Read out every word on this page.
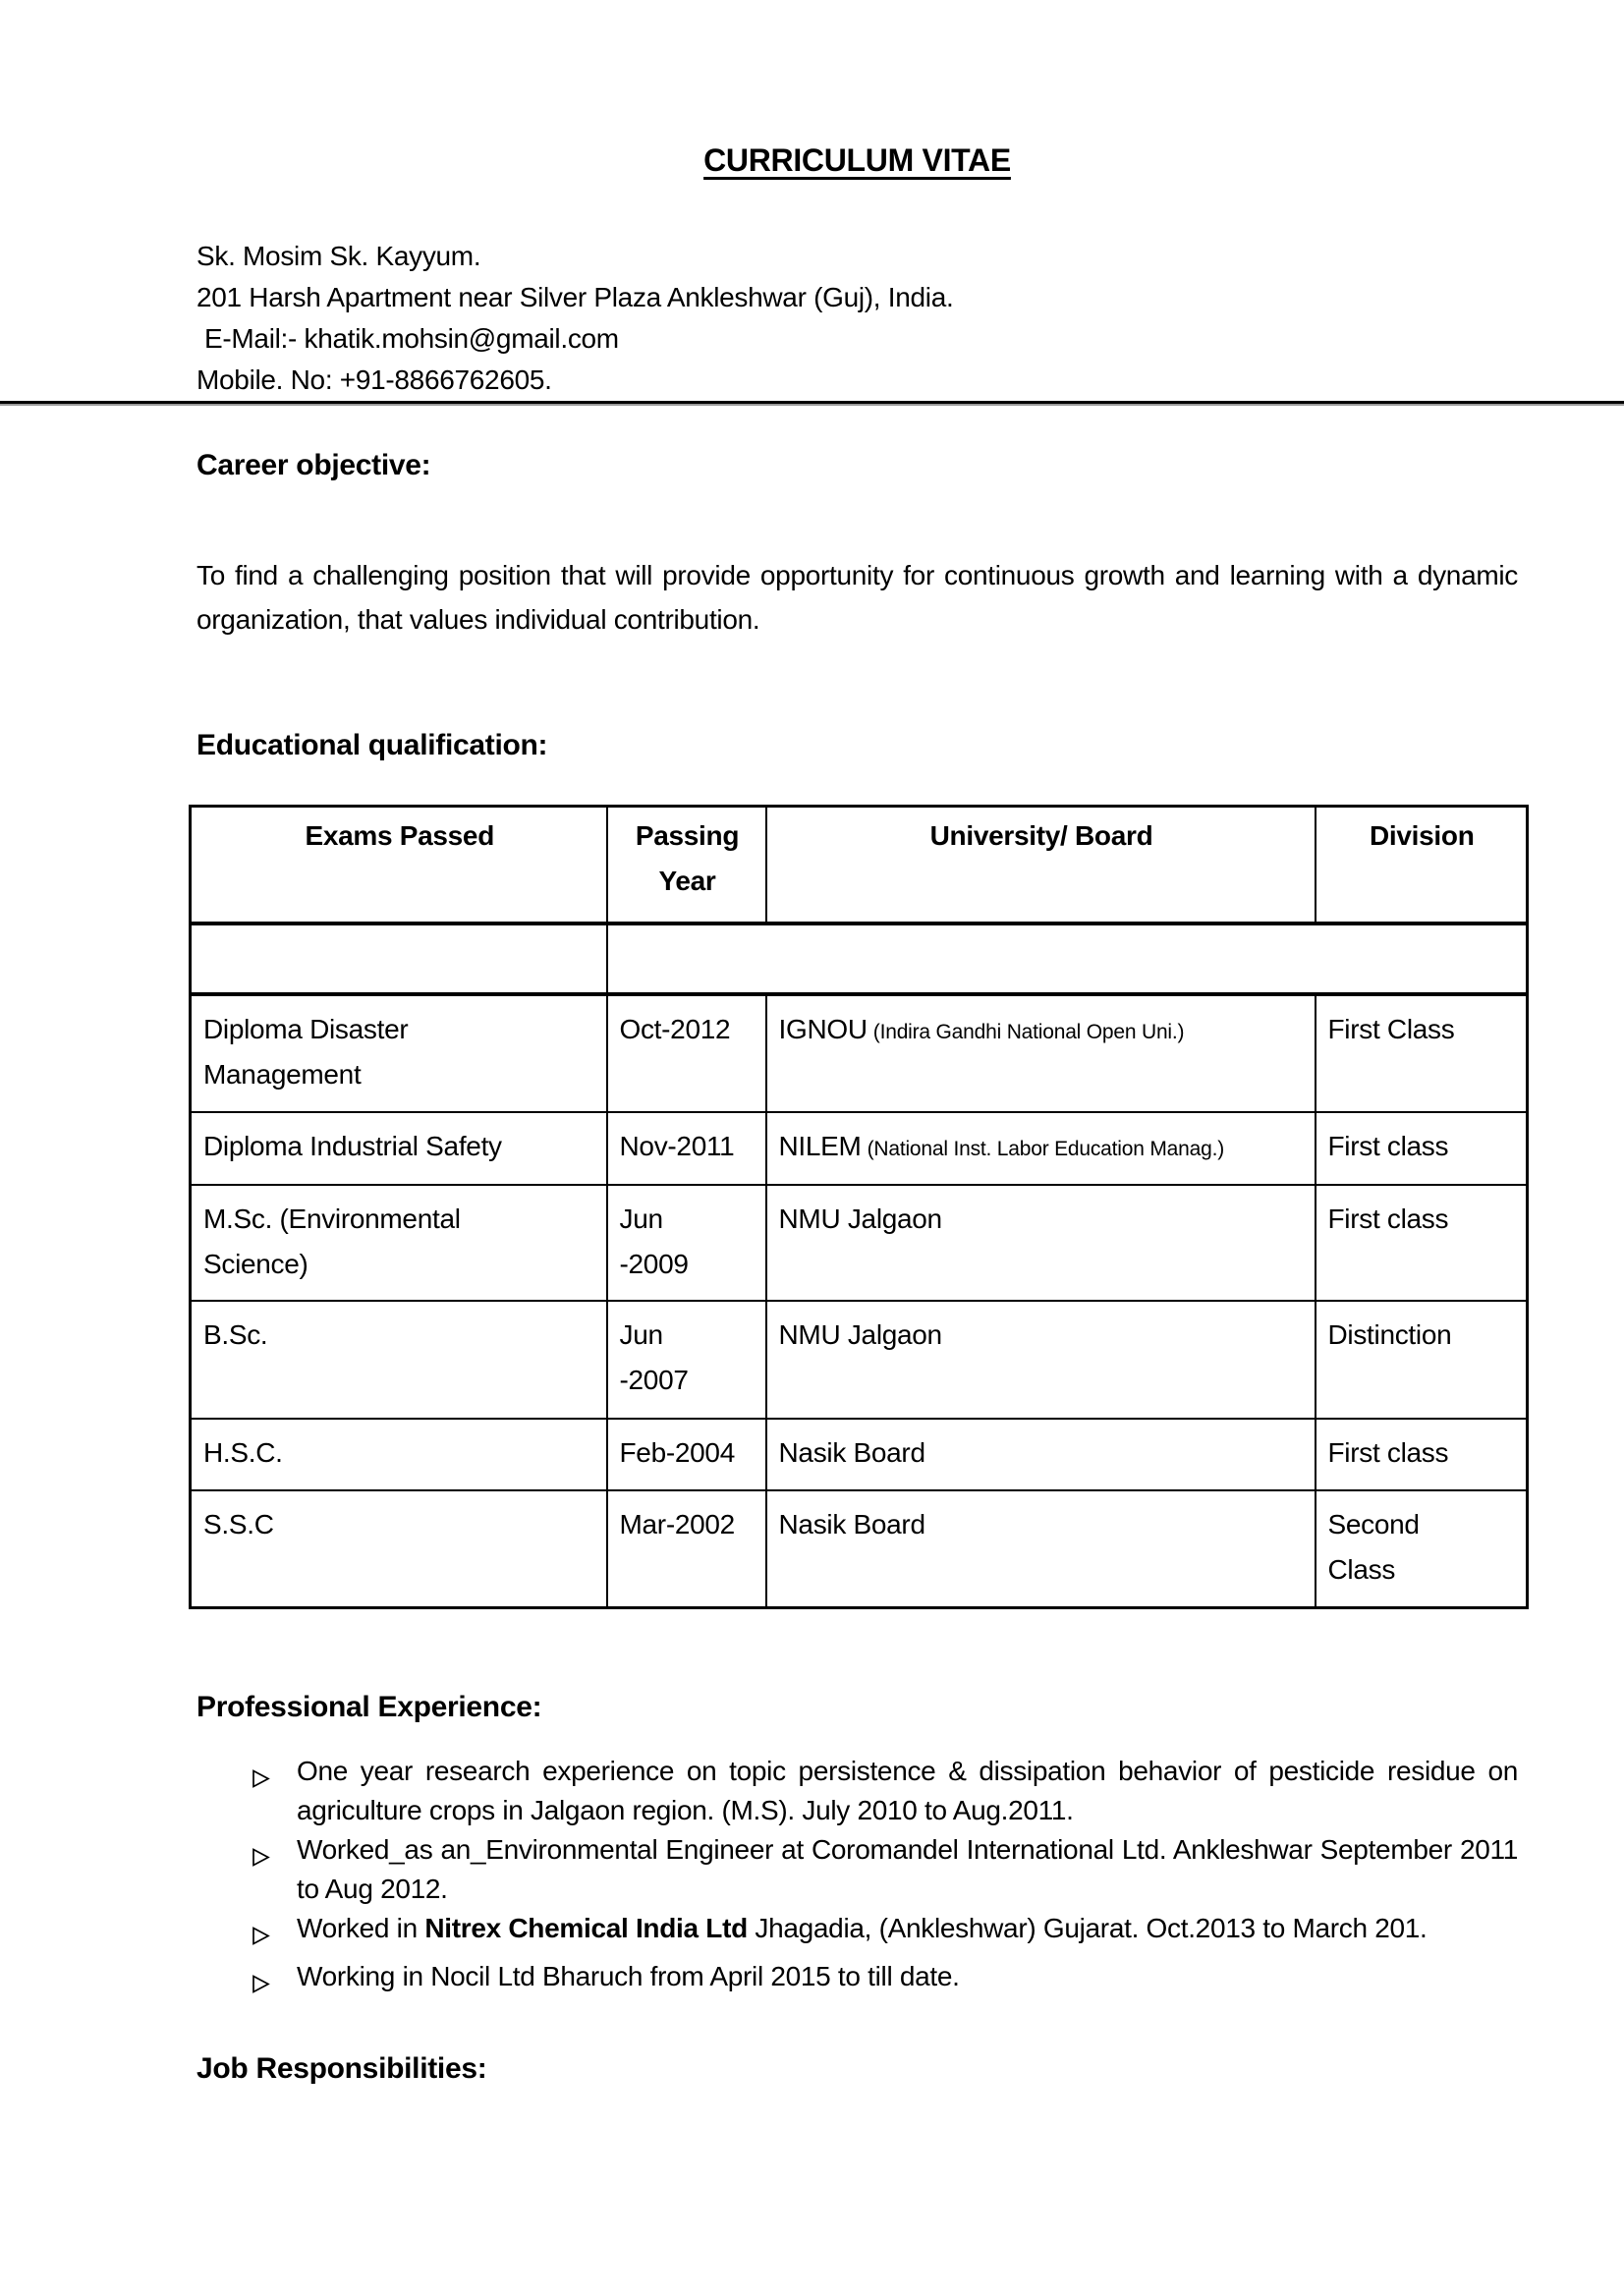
CURRICULUM VITAE
Sk. Mosim Sk. Kayyum.
201 Harsh Apartment near Silver Plaza Ankleshwar (Guj), India.
E-Mail:- khatik.mohsin@gmail.com
Mobile. No: +91-8866762605.
Career objective:

To find a challenging position that will provide opportunity for continuous growth and learning with a dynamic organization, that values individual contribution.

Educational qualification:
Exams Passed	Passing Year	University/ Board	Division

Diploma Disaster
Management	Oct-2012	IGNOU (Indira Gandhi National Open Uni.)	First Class

Diploma Industrial Safety	Nov-2011	NILEM (National Inst. Labor Education Manag.)	First class

M.Sc. (Environmental
Science)	Jun
-2009	NMU Jalgaon	First class

B.Sc.	Jun
-2007	NMU Jalgaon	Distinction

H.S.C.	Feb-2004	Nasik Board	First class

S.S.C	Mar-2002	Nasik Board	Second
Class
Professional Experience:
One year research experience on topic persistence & dissipation behavior of pesticide residue on agriculture crops in Jalgaon region. (M.S). July 2010 to Aug.2011.
Worked_as an_Environmental Engineer at Coromandel International Ltd. Ankleshwar September 2011 to Aug 2012.
Worked in Nitrex Chemical India Ltd Jhagadia, (Ankleshwar) Gujarat. Oct.2013 to March 201.
Working in Nocil Ltd Bharuch from April 2015 to till date.
Job Responsibilities:
